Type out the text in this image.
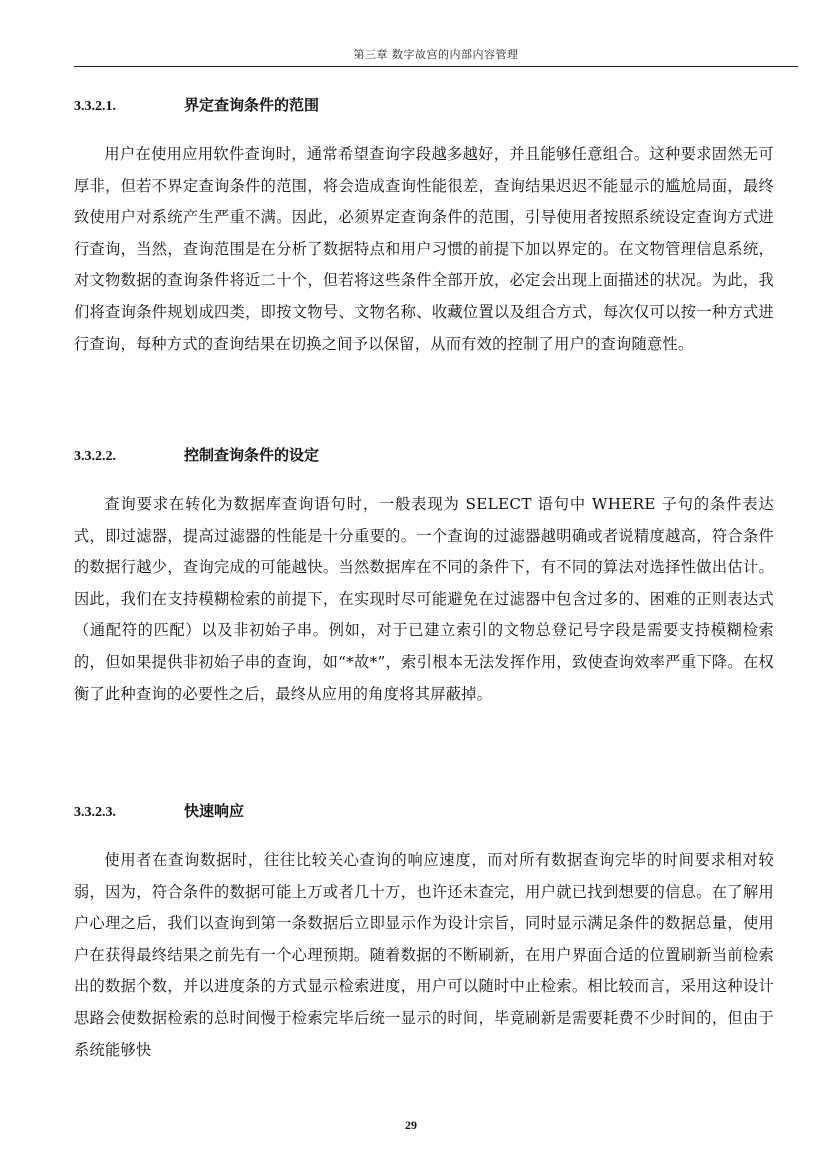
第三章 数字故宫的内部内容管理
3.3.2.1.	界定查询条件的范围
用户在使用应用软件查询时，通常希望查询字段越多越好，并且能够任意组合。这种要求固然无可厚非，但若不界定查询条件的范围，将会造成查询性能很差，查询结果迟迟不能显示的尴尬局面，最终致使用户对系统产生严重不满。因此，必须界定查询条件的范围，引导使用者按照系统设定查询方式进行查询，当然，查询范围是在分析了数据特点和用户习惯的前提下加以界定的。在文物管理信息系统，对文物数据的查询条件将近二十个，但若将这些条件全部开放，必定会出现上面描述的状况。为此，我们将查询条件规划成四类，即按文物号、文物名称、收藏位置以及组合方式，每次仅可以按一种方式进行查询，每种方式的查询结果在切换之间予以保留，从而有效的控制了用户的查询随意性。
3.3.2.2.	控制查询条件的设定
查询要求在转化为数据库查询语句时，一般表现为 SELECT 语句中 WHERE 子句的条件表达式，即过滤器，提高过滤器的性能是十分重要的。一个查询的过滤器越明确或者说精度越高，符合条件的数据行越少，查询完成的可能越快。当然数据库在不同的条件下，有不同的算法对选择性做出估计。因此，我们在支持模糊检索的前提下，在实现时尽可能避免在过滤器中包含过多的、困难的正则表达式（通配符的匹配）以及非初始子串。例如，对于已建立索引的文物总登记号字段是需要支持模糊检索的，但如果提供非初始子串的查询，如“*故*”，索引根本无法发挥作用，致使查询效率严重下降。在权衡了此种查询的必要性之后，最终从应用的角度将其屏蔽掉。
3.3.2.3.	快速响应
使用者在查询数据时，往往比较关心查询的响应速度，而对所有数据查询完毕的时间要求相对较弱，因为，符合条件的数据可能上万或者几十万，也许还未查完，用户就已找到想要的信息。在了解用户心理之后，我们以查询到第一条数据后立即显示作为设计宗旨，同时显示满足条件的数据总量，使用户在获得最终结果之前先有一个心理预期。随着数据的不断刷新，在用户界面合适的位置刷新当前检索出的数据个数，并以进度条的方式显示检索进度，用户可以随时中止检索。相比较而言，采用这种设计思路会使数据检索的总时间慢于检索完毕后统一显示的时间，毕竟刷新是需要耗费不少时间的，但由于系统能够快
29
